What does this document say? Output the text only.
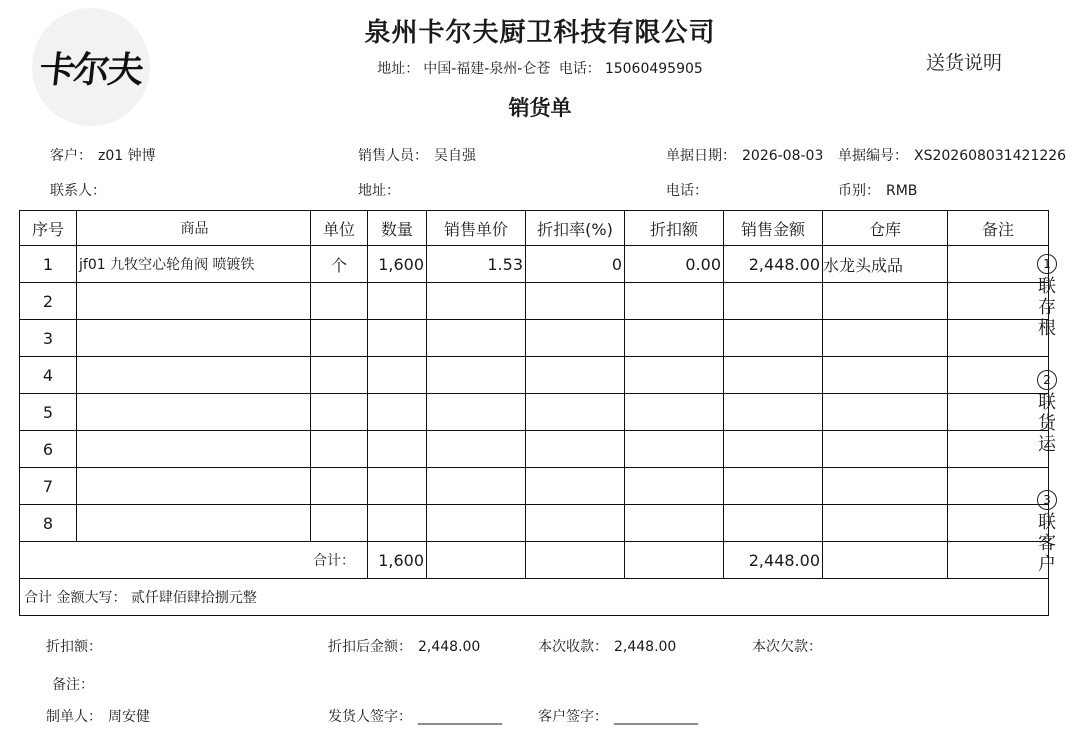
卡尔夫
泉州卡尔夫厨卫科技有限公司
地址： 中国-福建-泉州-仑苍 电话： 15060495905
销货单
送货说明
客户： z01 钟博	销售人员： 吴自强	单据日期： 2026-08-03	单据编号： XS202608031421226
联系人：	地址：	电话：	币别： RMB
序号	商品	单位	数量	销售单价	折扣率(%)	折扣额	销售金额	仓库	备注
1	jf01 九牧空心轮角阀 喷镀铁	个	1,600	1.53	0	0.00	2,448.00	水龙头成品	
2									
3									
4									
5									
6									
7									
8									
合计：			1,600				2,448.00		
合计 金额大写： 贰仟肆佰肆拾捌元整									
1
联
存
根
2
联
货
运
3
联
客
户
折扣额：	折扣后金额： 2,448.00	本次收款： 2,448.00	本次欠款：
备注：
制单人： 周安健	发货人签字： ____________	客户签字： ____________
